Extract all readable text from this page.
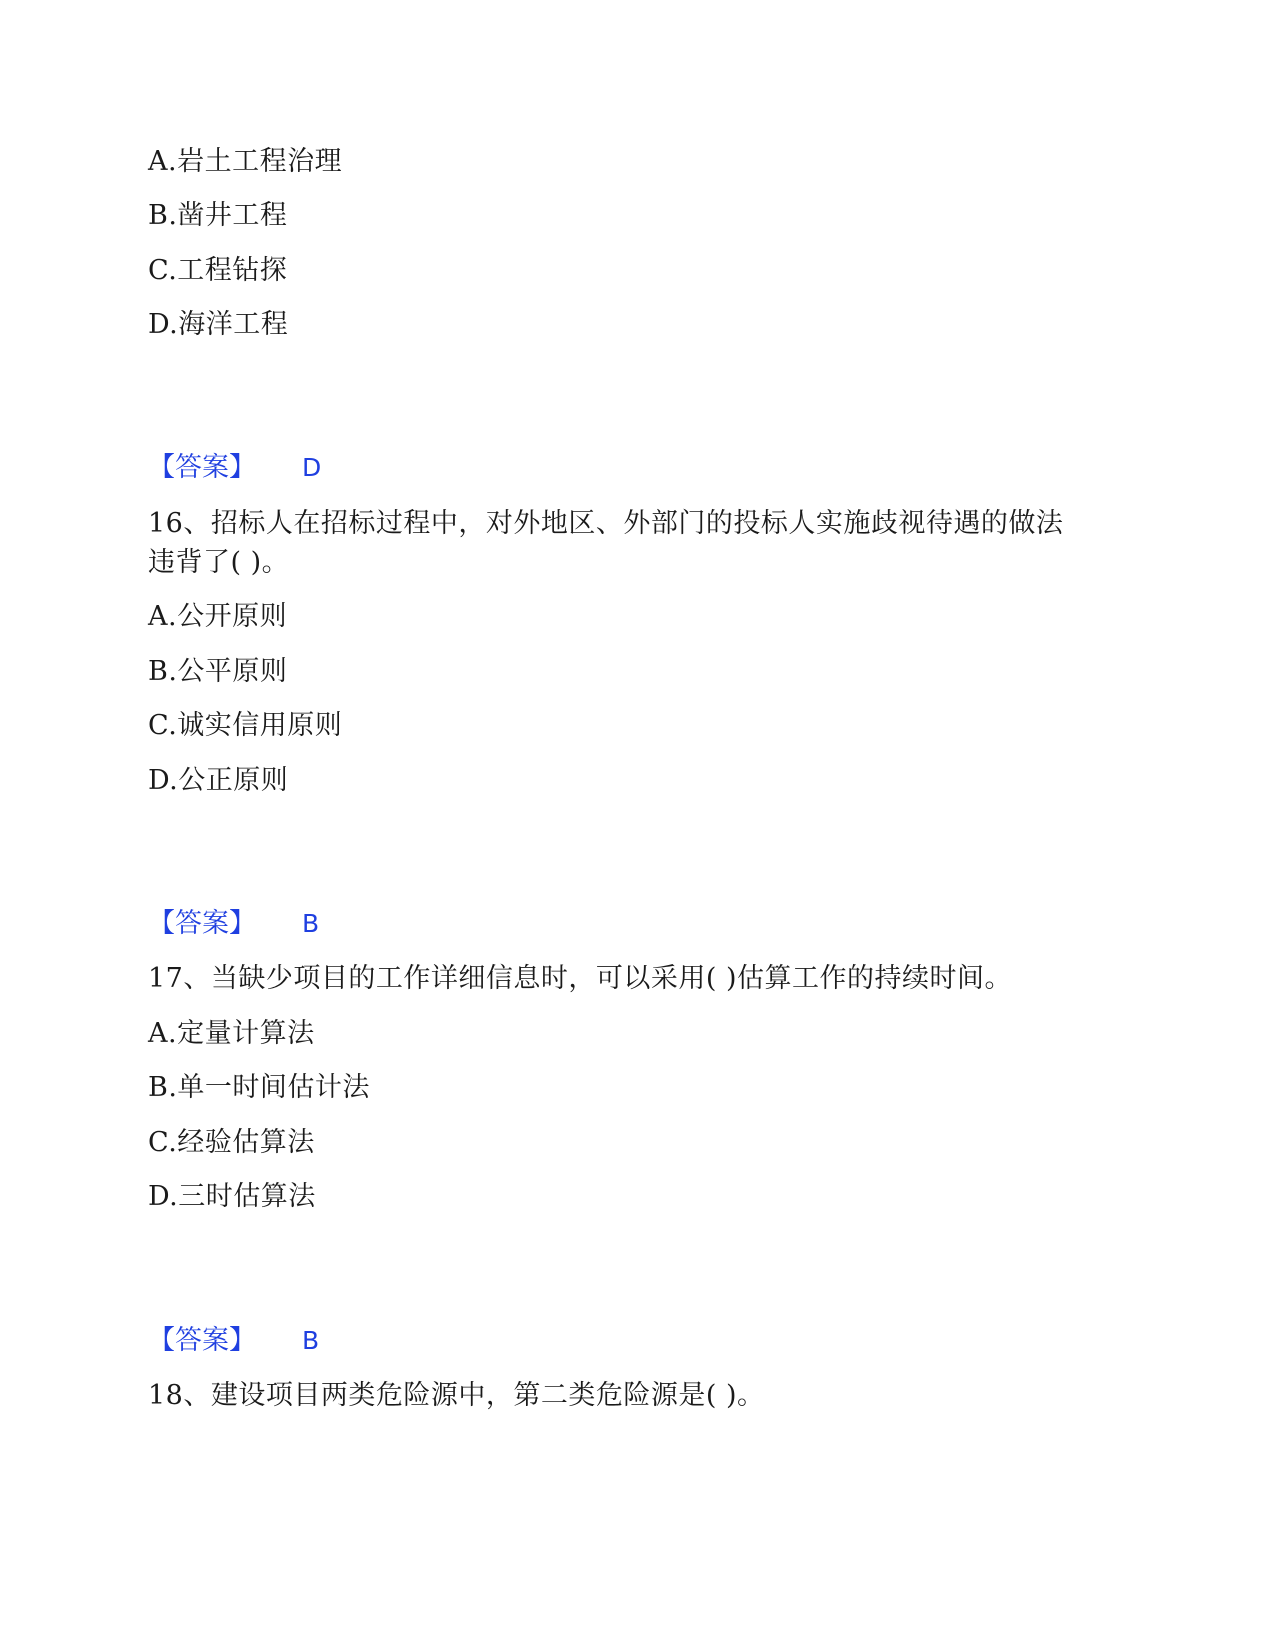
A.岩土工程治理
B.凿井工程
C.工程钻探
D.海洋工程
【答案】 D
16、招标人在招标过程中，对外地区、外部门的投标人实施歧视待遇的做法
违背了( )。
A.公开原则
B.公平原则
C.诚实信用原则
D.公正原则
【答案】 B
17、当缺少项目的工作详细信息时，可以采用( )估算工作的持续时间。
A.定量计算法
B.单一时间估计法
C.经验估算法
D.三时估算法
【答案】 B
18、建设项目两类危险源中，第二类危险源是( )。
